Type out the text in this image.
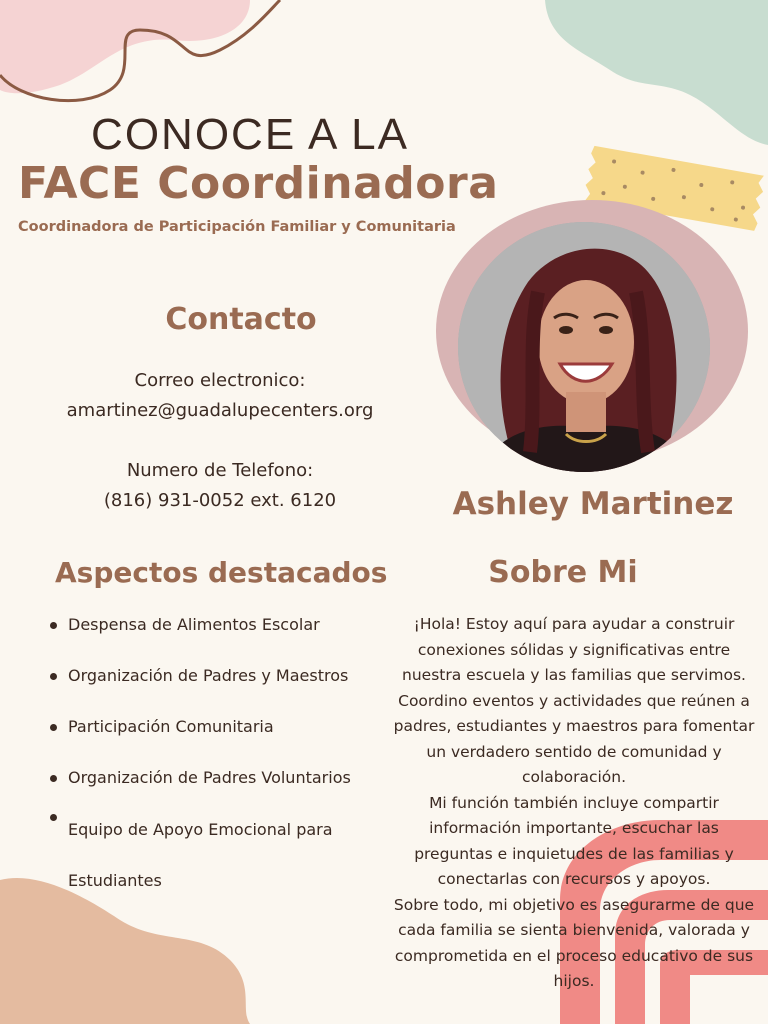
CONOCE A LA
FACE Coordinadora
Coordinadora de Participación Familiar y Comunitaria
Contacto
Correo electronico:
amartinez@guadalupecenters.org
Numero de Telefono:
(816) 931-0052 ext. 6120	Ashley Martinez
Aspectos destacados
Despensa de Alimentos Escolar
Organización de Padres y Maestros
Participación Comunitaria
Organización de Padres Voluntarios
Equipo de Apoyo Emocional para Estudiantes
Sobre Mi

¡Hola! Estoy aquí para ayudar a construir conexiones sólidas y significativas entre nuestra escuela y las familias que servimos. Coordino eventos y actividades que reúnen a padres, estudiantes y maestros para fomentar un verdadero sentido de comunidad y colaboración.

Mi función también incluye compartir información importante, escuchar las preguntas e inquietudes de las familias y conectarlas con recursos y apoyos.

Sobre todo, mi objetivo es asegurarme de que cada familia se sienta bienvenida, valorada y comprometida en el proceso educativo de sus hijos.
